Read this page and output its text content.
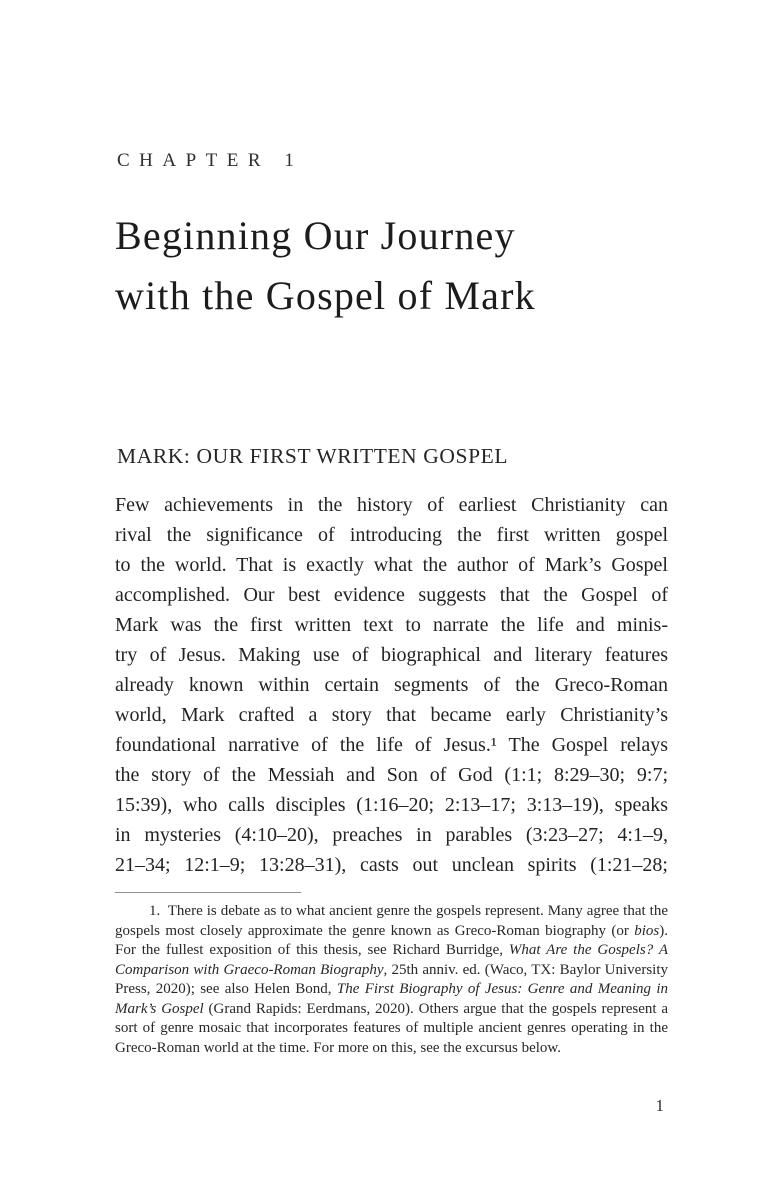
CHAPTER 1
Beginning Our Journey
with the Gospel of Mark
MARK: OUR FIRST WRITTEN GOSPEL
Few achievements in the history of earliest Christianity can
rival the significance of introducing the first written gospel
to the world. That is exactly what the author of Mark’s Gospel
accomplished. Our best evidence suggests that the Gospel of
Mark was the first written text to narrate the life and minis-
try of Jesus. Making use of biographical and literary features
already known within certain segments of the Greco-Roman
world, Mark crafted a story that became early Christianity’s
foundational narrative of the life of Jesus.¹ The Gospel relays
the story of the Messiah and Son of God (1:1; 8:29–30; 9:7;
15:39), who calls disciples (1:16–20; 2:13–17; 3:13–19), speaks
in mysteries (4:10–20), preaches in parables (3:23–27; 4:1–9,
21–34; 12:1–9; 13:28–31), casts out unclean spirits (1:21–28;

1. There is debate as to what ancient genre the gospels represent. Many agree that the gospels most closely approximate the genre known as Greco-Roman biography (or bios). For the fullest exposition of this thesis, see Richard Burridge, What Are the Gospels? A Comparison with Graeco-Roman Biography, 25th anniv. ed. (Waco, TX: Baylor University Press, 2020); see also Helen Bond, The First Biography of Jesus: Genre and Meaning in Mark’s Gospel (Grand Rapids: Eerdmans, 2020). Others argue that the gospels represent a sort of genre mosaic that incorporates features of multiple ancient genres operating in the Greco-Roman world at the time. For more on this, see the excursus below.

1
